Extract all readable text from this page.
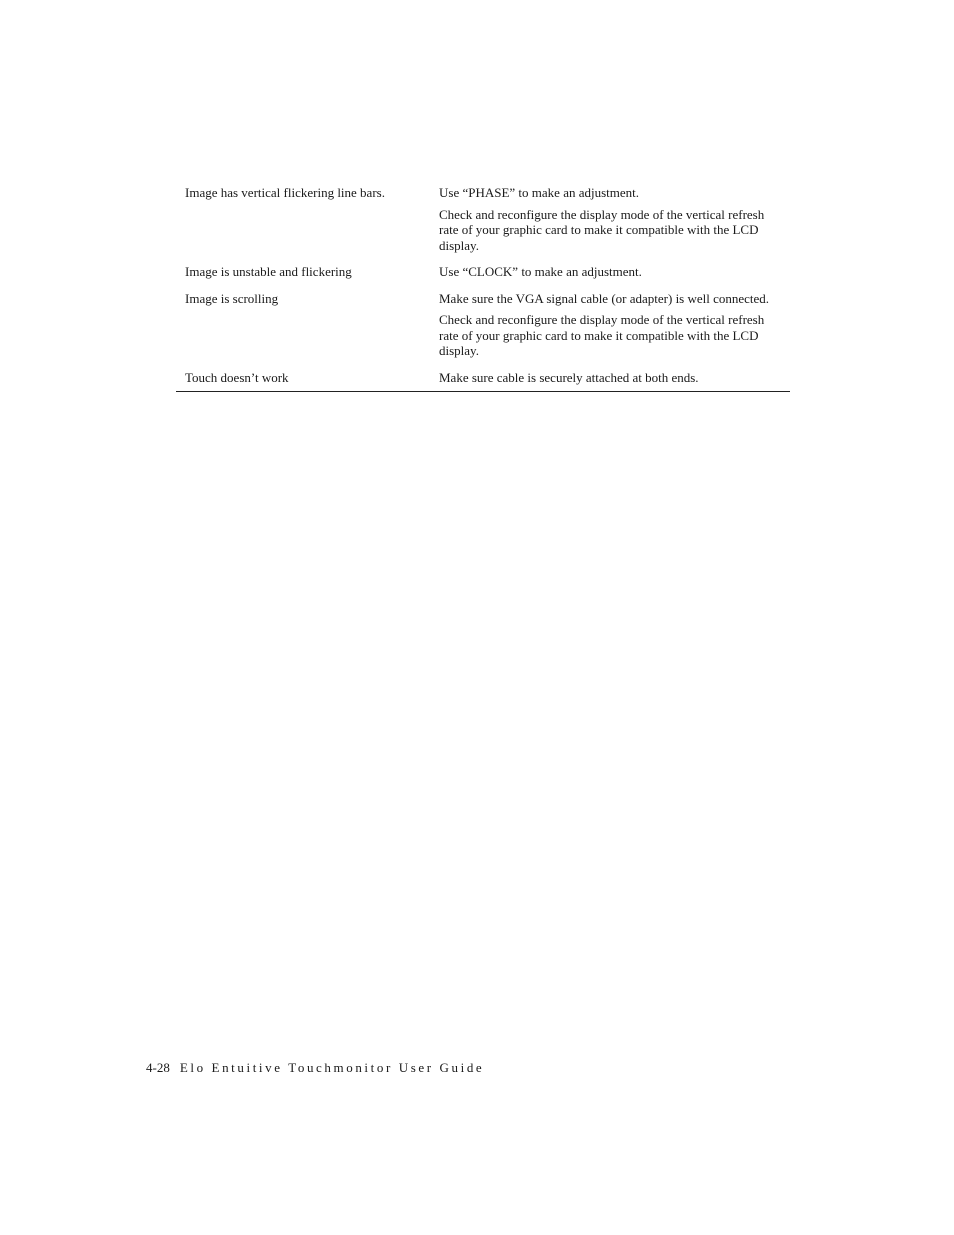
Image has vertical flickering line bars.	Use “PHASE” to make an adjustment.

Check and reconfigure the display mode of the vertical refresh rate of your graphic card to make it compatible with the LCD display.

Image is unstable and flickering	Use “CLOCK” to make an adjustment.

Image is scrolling	Make sure the VGA signal cable (or adapter) is well connected.

Check and reconfigure the display mode of the vertical refresh rate of your graphic card to make it compatible with the LCD display.

Touch doesn’t work	Make sure cable is securely attached at both ends.

4-28 Elo Entuitive Touchmonitor User Guide
